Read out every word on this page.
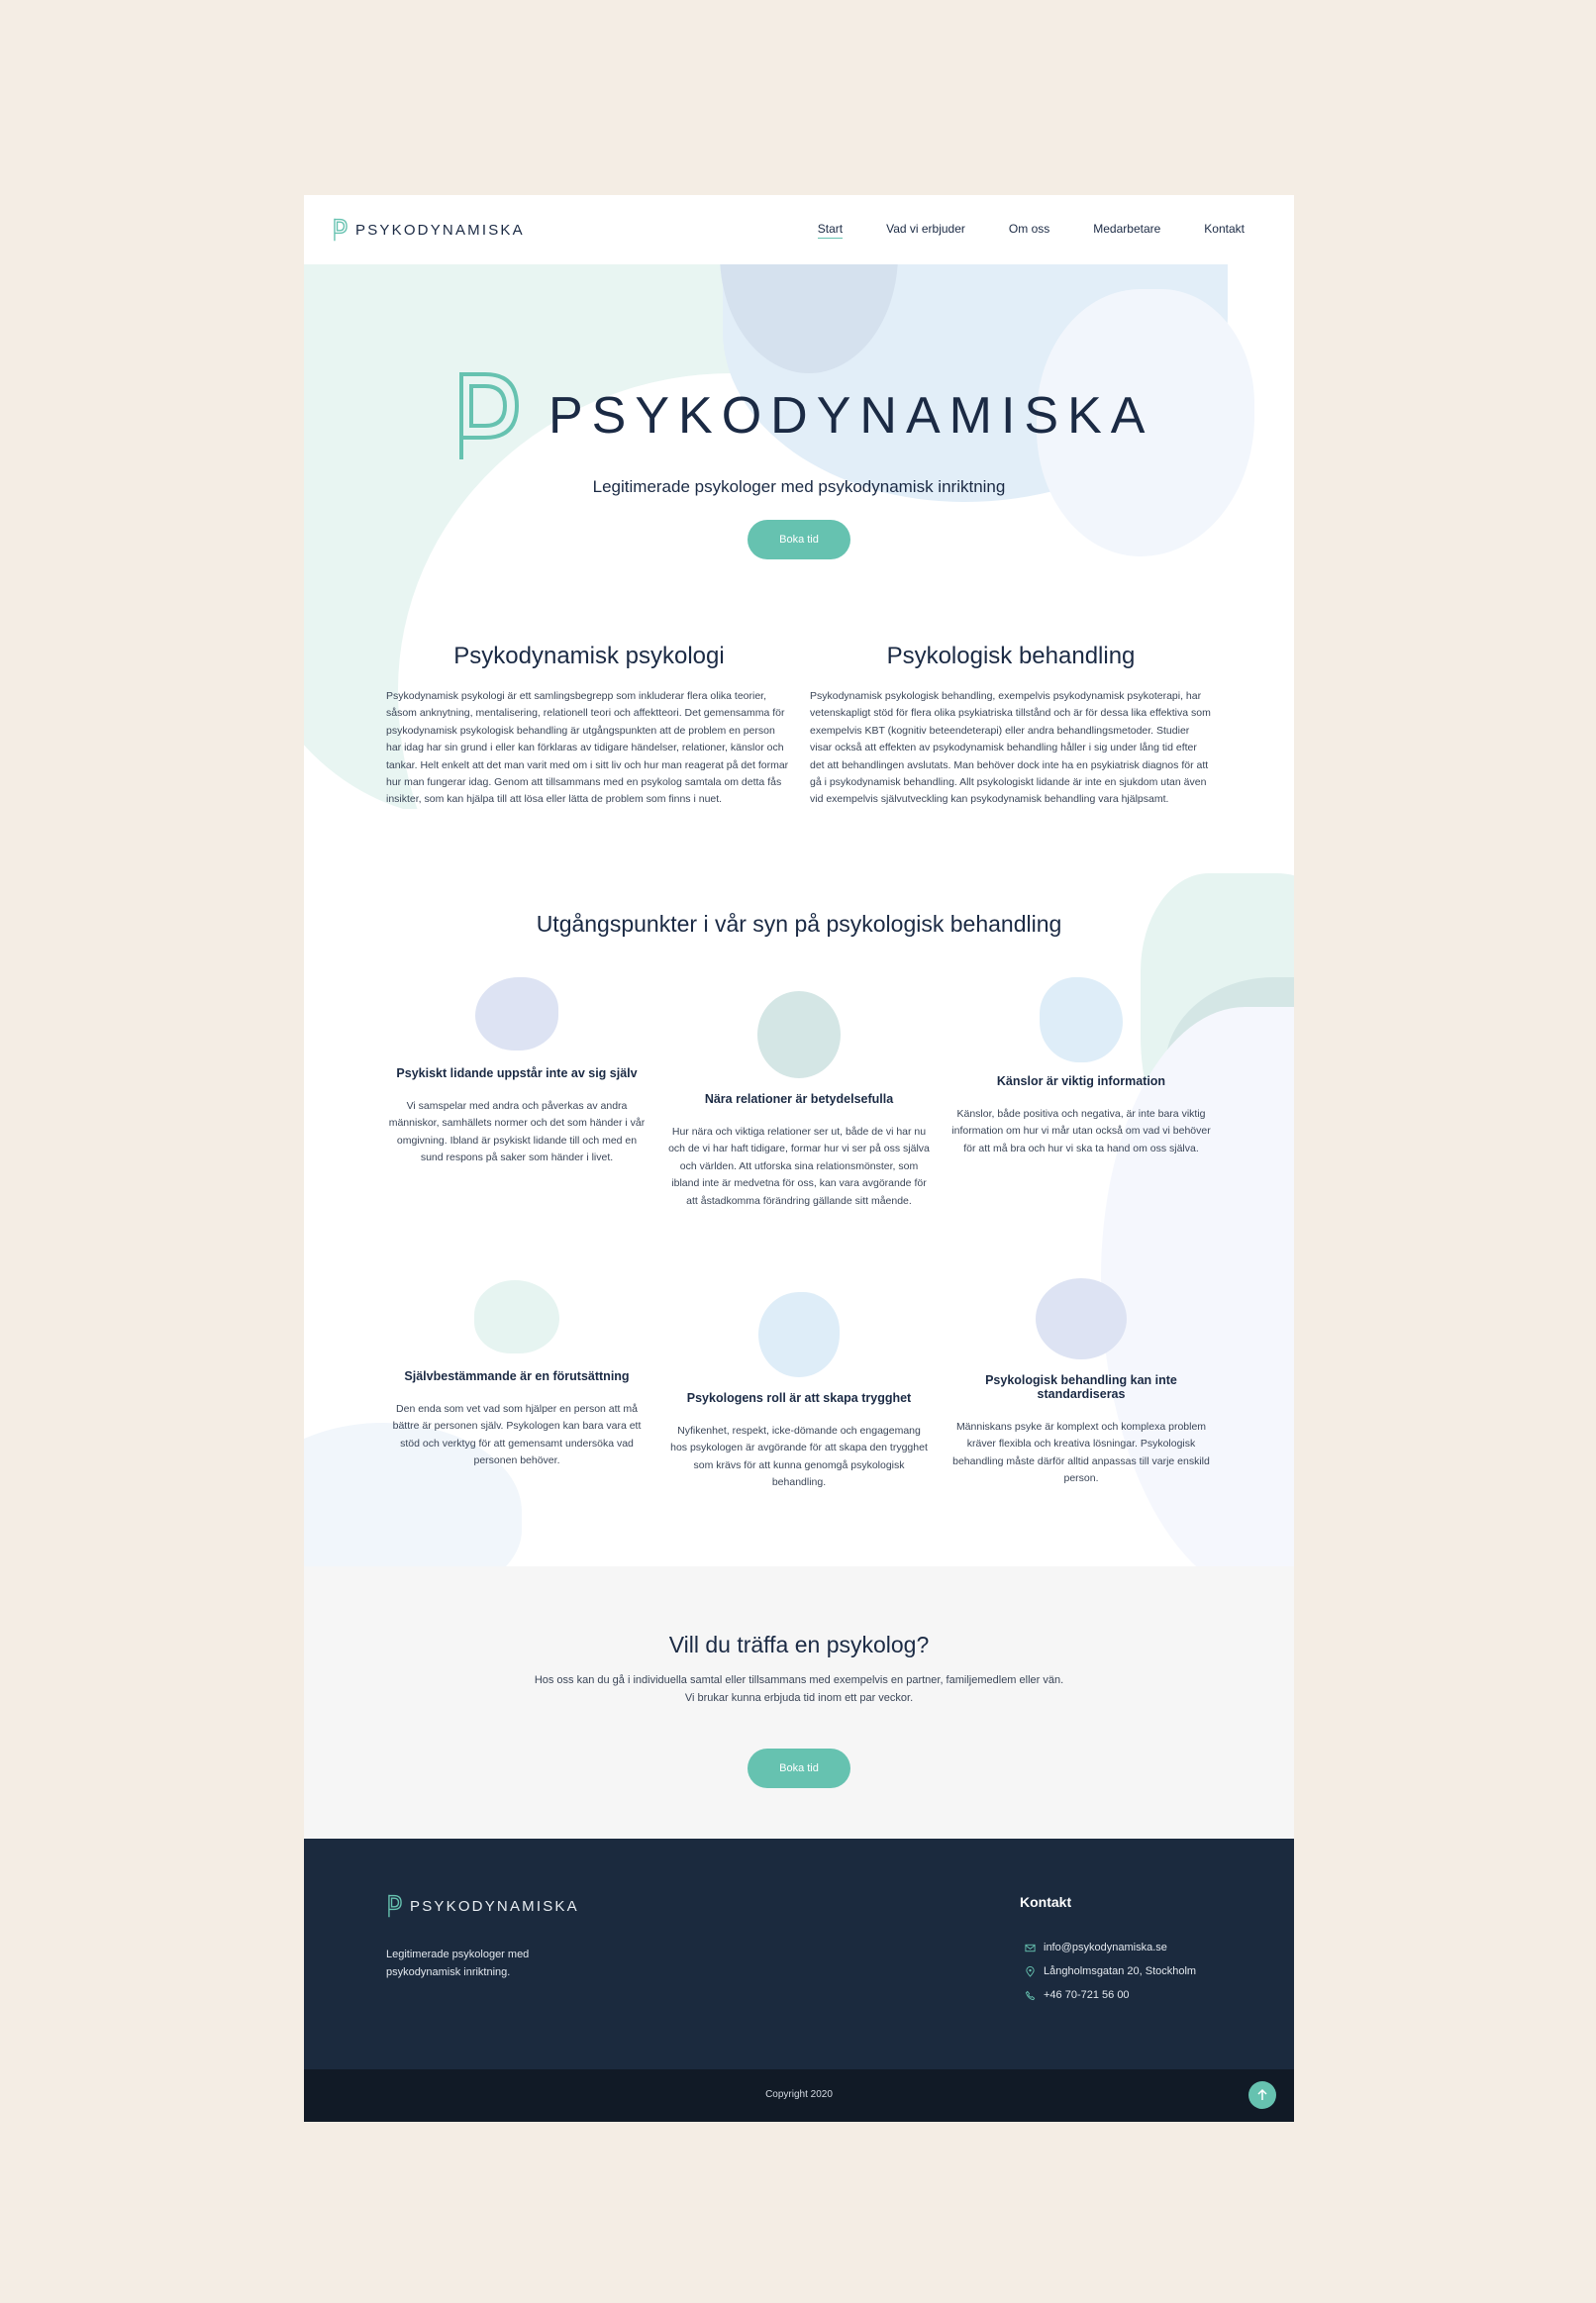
PSYKODYNAMISKA	Start	Vad vi erbjuder	Om oss	Medarbetare	Kontakt
PSYKODYNAMISKA
Legitimerade psykologer med psykodynamisk inriktning
Boka tid
Psykodynamisk psykologi
Psykodynamisk psykologi är ett samlingsbegrepp som inkluderar flera olika teorier, såsom anknytning, mentalisering, relationell teori och affektteori. Det gemensamma för psykodynamisk psykologisk behandling är utgångspunkten att de problem en person har idag har sin grund i eller kan förklaras av tidigare händelser, relationer, känslor och tankar. Helt enkelt att det man varit med om i sitt liv och hur man reagerat på det formar hur man fungerar idag. Genom att tillsammans med en psykolog samtala om detta fås insikter, som kan hjälpa till att lösa eller lätta de problem som finns i nuet.
Psykologisk behandling
Psykodynamisk psykologisk behandling, exempelvis psykodynamisk psykoterapi, har vetenskapligt stöd för flera olika psykiatriska tillstånd och är för dessa lika effektiva som exempelvis KBT (kognitiv beteendeterapi) eller andra behandlingsmetoder. Studier visar också att effekten av psykodynamisk behandling håller i sig under lång tid efter det att behandlingen avslutats. Man behöver dock inte ha en psykiatrisk diagnos för att gå i psykodynamisk behandling. Allt psykologiskt lidande är inte en sjukdom utan även vid exempelvis självutveckling kan psykodynamisk behandling vara hjälpsamt.
Utgångspunkter i vår syn på psykologisk behandling
Psykiskt lidande uppstår inte av sig själv

Vi samspelar med andra och påverkas av andra människor, samhällets normer och det som händer i vår omgivning. Ibland är psykiskt lidande till och med en sund respons på saker som händer i livet.

Nära relationer är betydelsefulla

Hur nära och viktiga relationer ser ut, både de vi har nu och de vi har haft tidigare, formar hur vi ser på oss själva och världen. Att utforska sina relationsmönster, som ibland inte är medvetna för oss, kan vara avgörande för att åstadkomma förändring gällande sitt mående.

Känslor är viktig information

Känslor, både positiva och negativa, är inte bara viktig information om hur vi mår utan också om vad vi behöver för att må bra och hur vi ska ta hand om oss själva.

Självbestämmande är en förutsättning

Den enda som vet vad som hjälper en person att må bättre är personen själv. Psykologen kan bara vara ett stöd och verktyg för att gemensamt undersöka vad personen behöver.

Psykologens roll är att skapa trygghet

Nyfikenhet, respekt, icke-dömande och engagemang hos psykologen är avgörande för att skapa den trygghet som krävs för att kunna genomgå psykologisk behandling.

Psykologisk behandling kan inte standardiseras

Människans psyke är komplext och komplexa problem kräver flexibla och kreativa lösningar. Psykologisk behandling måste därför alltid anpassas till varje enskild person.

Vill du träffa en psykolog?
Hos oss kan du gå i individuella samtal eller tillsammans med exempelvis en partner, familjemedlem eller vän.
Vi brukar kunna erbjuda tid inom ett par veckor.
Boka tid
PSYKODYNAMISKA
Legitimerade psykologer med psykodynamisk inriktning.
Kontakt
info@psykodynamiska.se
Långholmsgatan 20, Stockholm
+46 70-721 56 00
Copyright 2020
